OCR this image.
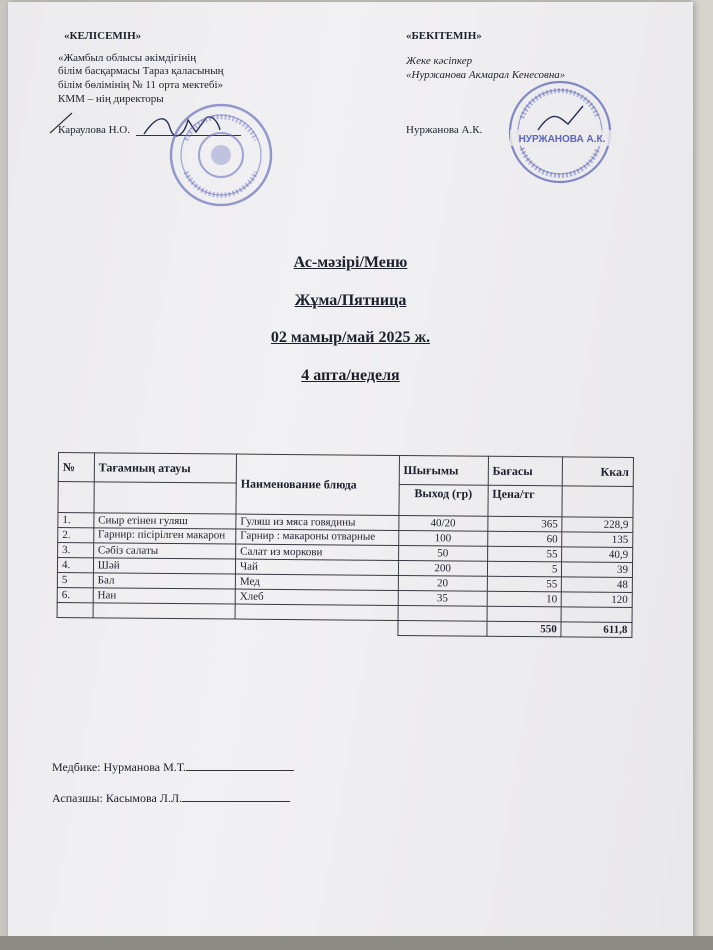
«КЕЛІСЕМІН»
«Жамбыл облысы әкімдігінің
білім басқармасы Тараз қаласының
білім бөлімінің № 11 орта мектебі»
КММ – нің директоры
Караулова Н.О.
«БЕКІТЕМІН»
Жеке кәсіпкер
«Нуржанова Акмарал Кенесовна»
Нуржанова А.К.
НУРЖАНОВА А.К.
Ас-мәзірі/Меню
Жұма/Пятница
02 мамыр/май 2025 ж.
4 апта/неделя
№	Тағамның атауы	Наименование блюда	Шығымы	Бағасы	Ккал
			Выход (гр)	Цена/тг	
1.	Сиыр етінен гуляш	Гуляш из мяса говядины	40/20	365	228,9
2.	Гарнир: пісірілген макарон	Гарнир : макароны отварные	100	60	135
3.	Сәбіз салаты	Салат из моркови	50	55	40,9
4.	Шәй	Чай	200	5	39
5	Бал	Мед	20	55	48
6.	Нан	Хлеб	35	10	120

				550	611,8
Медбике: Нурманова М.Т.
Аспазшы: Касымова Л.Л.
